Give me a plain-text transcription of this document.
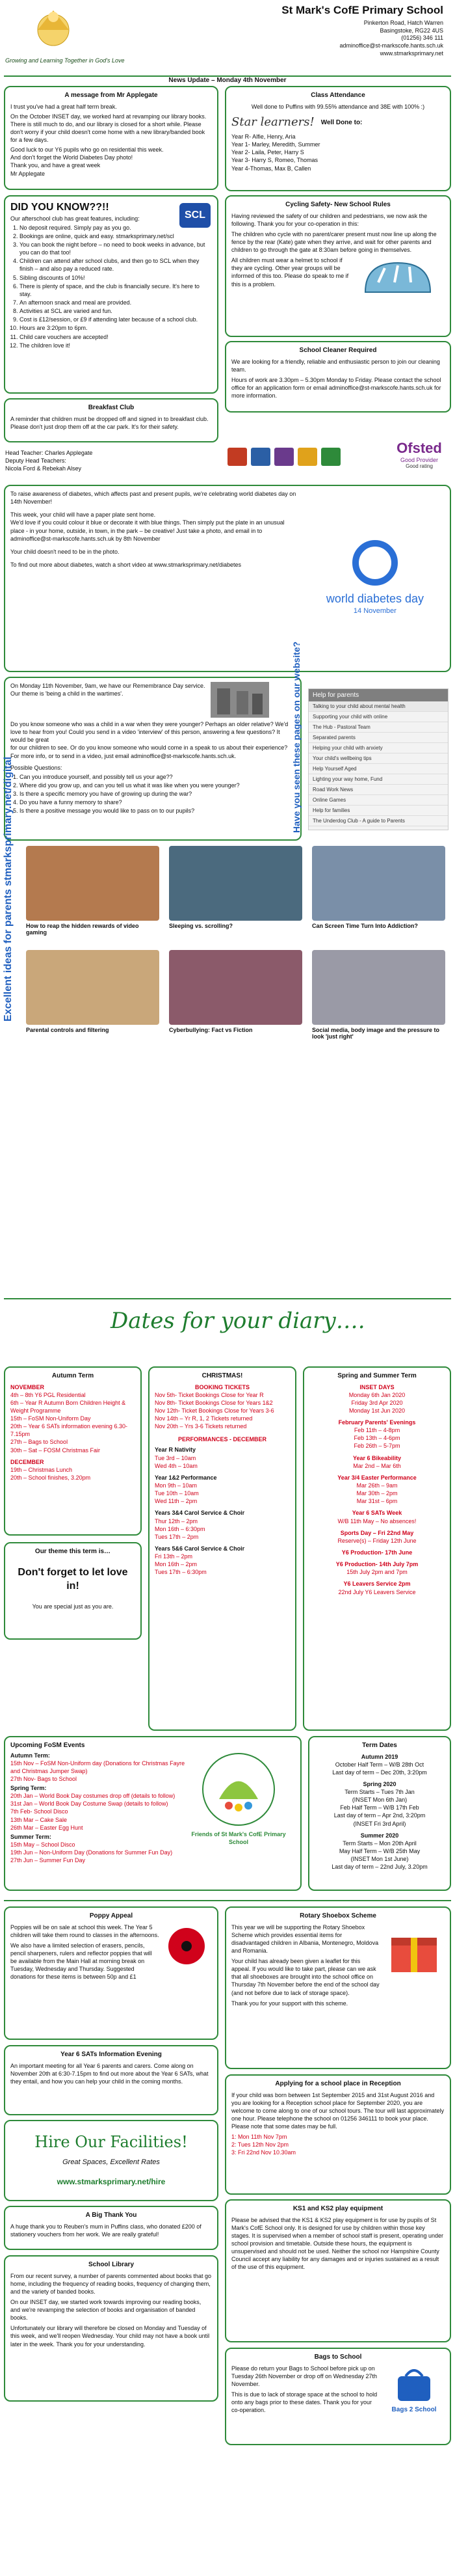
Growing and Learning Together in God's Love
St Mark's CofE Primary School
Pinkerton Road, Hatch Warren
Basingstoke, RG22 4US
(01256) 346 111
adminoffice@st-markscofe.hants.sch.uk
www.stmarksprimary.net
News Update – Monday 4th November
A message from Mr Applegate
I trust you've had a great half term break.
On the October INSET day, we worked hard at revamping our library books. There is still much to do, and our library is closed for a short while. Please don't worry if your child doesn't come home with a new library/banded book for a few days.
Good luck to our Y6 pupils who go on residential this week.
And don't forget the World Diabetes Day photo!
Thank you, and have a great week
Mr Applegate
Class Attendance
Well done to Puffins with 99.55% attendance and 38E with 100% :)
Star learners! Well Done to:
Year R- Alfie, Henry, Aria
Year 1- Marley, Meredith, Summer
Year 2- Laila, Peter, Harry S
Year 3- Harry S, Romeo, Thomas
Year 4-Thomas, Max B, Callen
DID YOU KNOW??!!
SCL
Our afterschool club has great features, including:
1. No deposit required. Simply pay as you go.
2. Bookings are online, quick and easy. stmarksprimary.net/scl
3. You can book the night before – no need to book weeks in advance, but you can do that too!
4. Children can attend after school clubs, and then go to SCL when they finish – and also pay a reduced rate.
5. Sibling discounts of 10%!
6. There is plenty of space, and the club is financially secure. It's here to stay.
7. An afternoon snack and meal are provided.
8. Activities at SCL are varied and fun.
9. Cost is £12/session, or £9 if attending later because of a school club.
10. Hours are 3:20pm to 6pm.
11. Child care vouchers are accepted!
12. The children love it!
Cycling Safety- New School Rules
Having reviewed the safety of our children and pedestrians, we now ask the following. Thank you for your co-operation in this:
The children who cycle with no parent/carer present must now line up along the fence by the rear (Kate) gate when they arrive, and wait for other parents and children to go through the gate at 8:30am before going in themselves.
All children must wear a helmet to school if they are cycling. Other year groups will be informed of this too. Please do speak to me if this is a problem.
School Cleaner Required
We are looking for a friendly, reliable and enthusiastic person to join our cleaning team.
Hours of work are 3.30pm – 5.30pm Monday to Friday. Please contact the school office for an application form or email adminoffice@st-markscofe.hants.sch.uk for more information.
Breakfast Club
A reminder that children must be dropped off and signed in to breakfast club. Please don't just drop them off at the car park. It's for their safety.
Head Teacher: Charles Applegate
Deputy Head Teachers:
Nicola Ford & Rebekah Alsey
Ofsted
Good Provider
Good rating
To raise awareness of diabetes, which affects past and present pupils, we're celebrating world diabetes day on 14th November!
This week, your child will have a paper plate sent home.
We'd love if you could colour it blue or decorate it with blue things. Then simply put the plate in an unusual place - in your home, outside, in town, in the park – be creative! Just take a photo, and email in to adminoffice@st-markscofe.hants.sch.uk by 8th November
Your child doesn't need to be in the photo.
To find out more about diabetes, watch a short video at www.stmarksprimary.net/diabetes
world diabetes day
14 November
On Monday 11th November, 9am, we have our Remembrance Day service. Our theme is 'being a child in the wartimes'.
Do you know someone who was a child in a war when they were younger? Perhaps an older relative? We'd love to hear from you! Could you send in a video 'interview' of this person, answering a few questions? It would be great
for our children to see. Or do you know someone who would come in a speak to us about their experience? For more info, or to send in a video, just email adminoffice@st-markscofe.hants.sch.uk.
Possible Questions:
1. Can you introduce yourself, and possibly tell us your age??
2. Where did you grow up, and can you tell us what it was like when you were younger?
3. Is there a specific memory you have of growing up during the war?
4. Do you have a funny memory to share?
5. Is there a positive message you would like to pass on to our pupils?
Help for parents
Talking to your child about mental health
Supporting your child with online
The Hub - Pastoral Team
Separated parents
Helping your child with anxiety
Your child's wellbeing tips
Help Yourself Aged
Lighting your way home, Fund
Road Work News
Online Games
Help for families
The Underdog Club - A guide to Parents
Have you seen these pages on our website?
Excellent ideas for parents stmarksprimary.net/digital How to reap the hidden rewards of video gaming
Sleeping vs. scrolling?	Can Screen Time Turn Into Addiction?
Parental controls and filtering	Cyberbullying: Fact vs Fiction	Social media, body image and the pressure to look 'just right'
Dates for your diary….
Autumn Term
NOVEMBER
4th – 8th Y6 PGL Residential
6th – Year R Autumn Born Children Height & Weight Programme
15th – FoSM Non-Uniform Day
20th – Year 6 SATs information evening 6.30-7.15pm
27th – Bags to School
30th – Sat – FOSM Christmas Fair
DECEMBER
19th – Christmas Lunch
20th – School finishes, 3.20pm
CHRISTMAS!
BOOKING TICKETS
Nov 5th- Ticket Bookings Close for Year R
Nov 8th- Ticket Bookings Close for Years 1&2
Nov 12th- Ticket Bookings Close for Years 3-6
Nov 14th – Yr R, 1, 2 Tickets returned
Nov 20th – Yrs 3-6 Tickets returned
PERFORMANCES - DECEMBER
Year R Nativity
Tue 3rd – 10am
Wed 4th – 10am
Year 1&2 Performance
Mon 9th – 10am
Tue 10th – 10am
Wed 11th – 2pm
Years 3&4 Carol Service & Choir
Thur 12th – 2pm
Mon 16th – 6:30pm
Tues 17th – 2pm
Years 5&6 Carol Service & Choir
Fri 13th – 2pm
Mon 16th – 2pm
Tues 17th – 6:30pm
Spring and Summer Term
INSET DAYS
Monday 6th Jan 2020
Friday 3rd Apr 2020
Monday 1st Jun 2020
February Parents' Evenings
Feb 11th – 4-8pm
Feb 13th – 4-6pm
Feb 26th – 5-7pm
Year 6 Bikeability
Mar 2nd – Mar 6th
Year 3/4 Easter Performance
Mar 26th – 9am
Mar 30th – 2pm
Mar 31st – 6pm
Year 6 SATs Week
W/B 11th May – No absences!
Sports Day – Fri 22nd May
Reserve(s) – Friday 12th June
Y6 Production- 17th June
Y6 Production- 14th July 7pm
15th July 2pm and 7pm
Y6 Leavers Service 2pm
22nd July Y6 Leavers Service
Our theme this term is…
Don't forget to let love in!
You are special just as you are.
Upcoming FoSM Events
Autumn Term:
15th Nov – FoSM Non-Uniform day (Donations for Christmas Fayre and Christmas Jumper Swap)
27th Nov- Bags to School
Spring Term:
20th Jan – World Book Day costumes drop off (details to follow)
31st Jan – World Book Day Costume Swap (details to follow)
7th Feb- School Disco
13th Mar – Cake Sale
26th Mar – Easter Egg Hunt
Summer Term:
15th May – School Disco
19th Jun – Non-Uniform Day (Donations for Summer Fun Day)
27th Jun – Summer Fun Day
Friends of St Mark's CofE Primary School
Term Dates
Autumn 2019
October Half Term – W/B 28th Oct
Last day of term – Dec 20th, 3:20pm
Spring 2020
Term Starts – Tues 7th Jan
(INSET Mon 6th Jan)
Feb Half Term – W/B 17th Feb
Last day of term – Apr 2nd, 3:20pm
(INSET Fri 3rd April)
Summer 2020
Term Starts – Mon 20th April
May Half Term – W/B 25th May
(INSET Mon 1st June)
Last day of term – 22nd July, 3.20pm
Poppy Appeal
Poppies will be on sale at school this week. The Year 5 children will take them round to classes in the afternoons.
We also have a limited selection of erasers, pencils, pencil sharpeners, rulers and reflector poppies that will be available from the Main Hall at morning break on Tuesday, Wednesday and Thursday. Suggested donations for these items is between 50p and £1
Rotary Shoebox Scheme
This year we will be supporting the Rotary Shoebox Scheme which provides essential items for disadvantaged children in Albania, Montenegro, Moldova and Romania.
Your child has already been given a leaflet for this appeal. If you would like to take part, please can we ask that all shoeboxes are brought into the school office on Thursday 7th November before the end of the school day (and not before due to lack of storage space).
Thank you for your support with this scheme.
Year 6 SATs Information Evening
An important meeting for all Year 6 parents and carers. Come along on November 20th at 6:30-7.15pm to find out more about the Year 6 SATs, what they entail, and how you can help your child in the coming months.	Applying for a school place in Reception
If your child was born between 1st September 2015 and 31st August 2016 and you are looking for a Reception school place for September 2020, you are welcome to come along to one of our school tours. The tour will last approximately one hour. Please telephone the school on 01256 346111 to book your place. Please note that some dates may be full.
1: Mon 11th Nov 7pm
2: Tues 12th Nov 2pm
3: Fri 22nd Nov 10.30am
Hire Our Facilities!
Great Spaces, Excellent Rates
www.stmarksprimary.net/hire
A Big Thank You
A huge thank you to Reuben's mum in Puffins class, who donated £200 of stationery vouchers from her work. We are really grateful!
KS1 and KS2 play equipment
Please be advised that the KS1 & KS2 play equipment is for use by pupils of St Mark's CofE School only. It is designed for use by children within those key stages. It is supervised when a member of school staff is present, operating under school provision and timetable. Outside these hours, the equipment is unsupervised and should not be used. Neither the school nor Hampshire County Council accept any liability for any damages and or injuries sustained as a result of the use of this equipment.
School Library
From our recent survey, a number of parents commented about books that go home, including the frequency of reading books, frequency of changing them, and the variety of banded books.
On our INSET day, we started work towards improving our reading books, and we're revamping the selection of books and organisation of banded books.
Unfortunately our library will therefore be closed on Monday and Tuesday of this week, and we'll reopen Wednesday. Your child may not have a book until later in the week. Thank you for your understanding.
Bags to School
Please do return your Bags to School before pick up on Tuesday 26th November or drop off on Wednesday 27th November.
This is due to lack of storage space at the school to hold onto any bags prior to these dates. Thank you for your co-operation.	Bags 2 School
